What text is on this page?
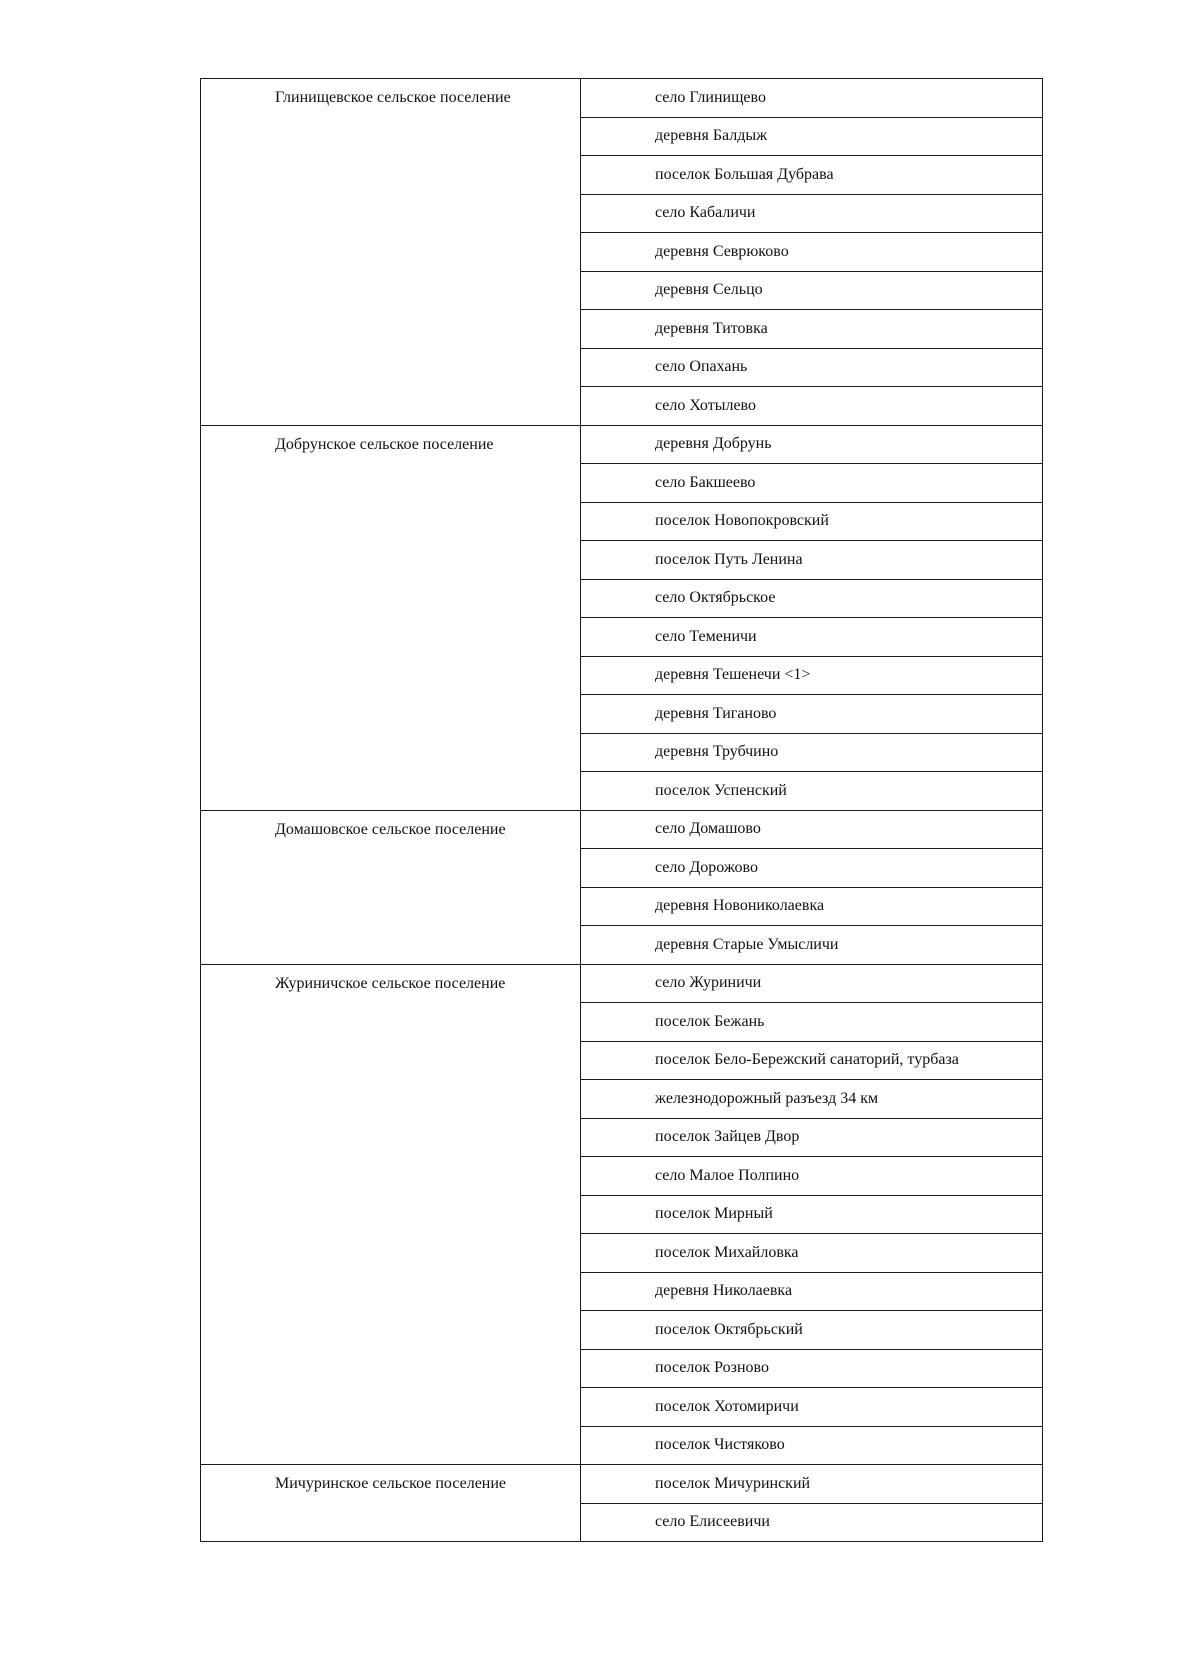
Глинищевское сельское поселение	село Глинищево
	деревня Балдыж
	поселок Большая Дубрава
	село Кабаличи
	деревня Севрюково
	деревня Сельцо
	деревня Титовка
	село Опахань
	село Хотылево
Добрунское сельское поселение	деревня Добрунь
	село Бакшеево
	поселок Новопокровский
	поселок Путь Ленина
	село Октябрьское
	село Теменичи
	деревня Тешенечи <1>
	деревня Тиганово
	деревня Трубчино
	поселок Успенский
Домашовское сельское поселение	село Домашово
	село Дорожово
	деревня Новониколаевка
	деревня Старые Умысличи
Журиничское сельское поселение	село Журиничи
	поселок Бежань
	поселок Бело-Бережский санаторий, турбаза
	железнодорожный разъезд 34 км
	поселок Зайцев Двор
	село Малое Полпино
	поселок Мирный
	поселок Михайловка
	деревня Николаевка
	поселок Октябрьский
	поселок Розново
	поселок Хотомиричи
	поселок Чистяково
Мичуринское сельское поселение	поселок Мичуринский
	село Елисеевичи
